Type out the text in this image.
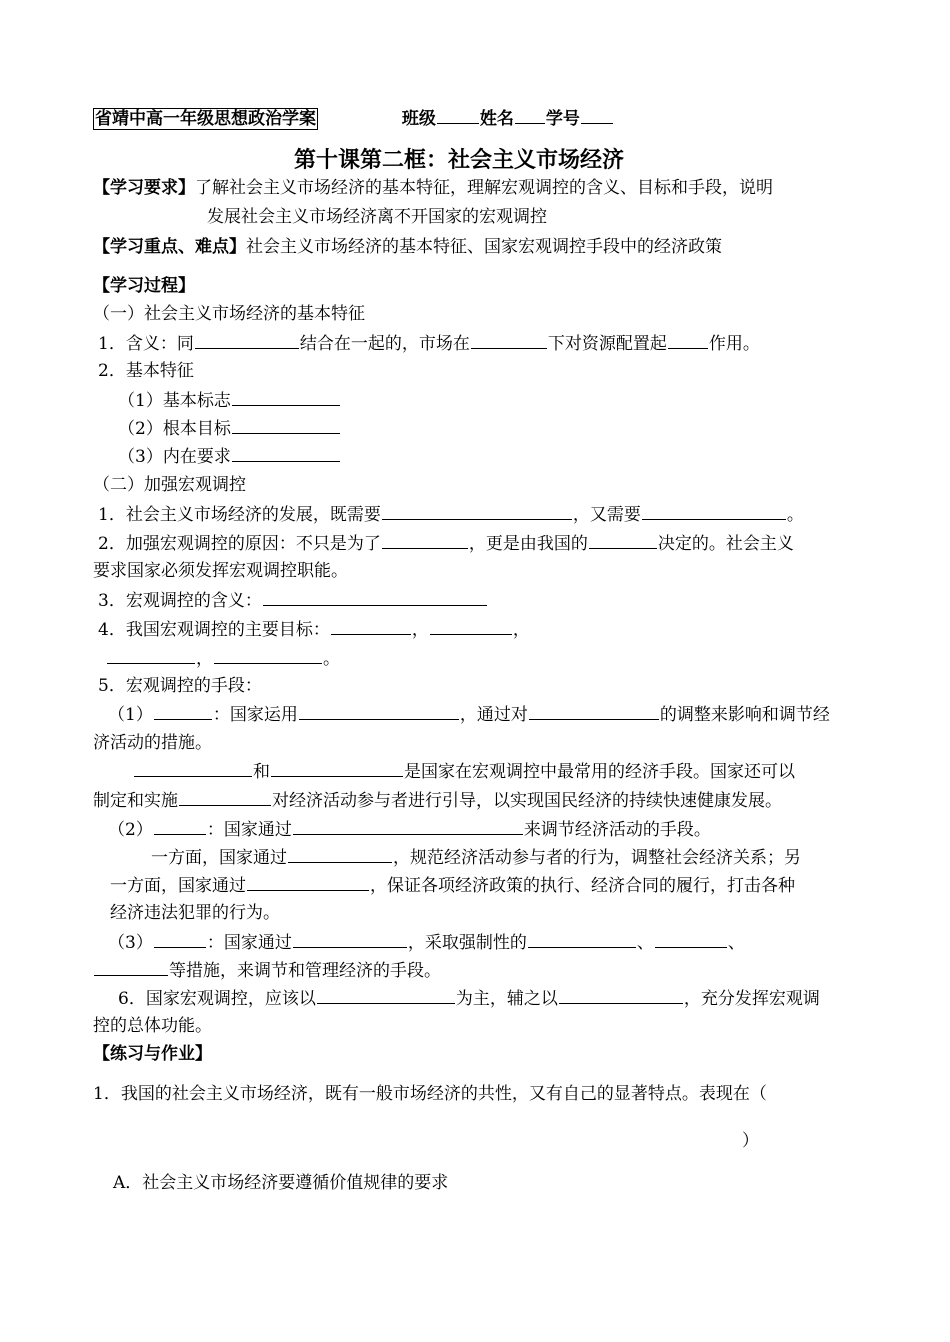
省靖中高一年级思想政治学案	班级	姓名 学号
第十课第二框：社会主义市场经济
【学习要求】了解社会主义市场经济的基本特征，理解宏观调控的含义、目标和手段，说明
发展社会主义市场经济离不开国家的宏观调控
【学习重点、难点】社会主义市场经济的基本特征、国家宏观调控手段中的经济政策
【学习过程】
（一）社会主义市场经济的基本特征
1．含义：同	结合在一起的，市场在	下对资源配置起 作用。
2．基本特征
（1）基本标志
（2）根本目标
（3）内在要求
（二）加强宏观调控
1．社会主义市场经济的发展，既需要	，又需要	。
2．加强宏观调控的原因：不只是为了	，更是由我国的	决定的。社会主义
要求国家必须发挥宏观调控职能。
3．宏观调控的含义：
4．我国宏观调控的主要目标：	，	，
，	。
5．宏观调控的手段：
（1）	：国家运用	，通过对	的调整来影响和调节经
济活动的措施。
和	是国家在宏观调控中最常用的经济手段。国家还可以
制定和实施	对经济活动参与者进行引导，以实现国民经济的持续快速健康发展。
（2）	：国家通过	来调节经济活动的手段。
一方面，国家通过	，规范经济活动参与者的行为，调整社会经济关系；另
一方面，国家通过	，保证各项经济政策的执行、经济合同的履行，打击各种
经济违法犯罪的行为。
（3）	：国家通过	，采取强制性的	、	、
等措施，来调节和管理经济的手段。
6．国家宏观调控，应该以	为主，辅之以	，充分发挥宏观调
控的总体功能。
【练习与作业】
1．我国的社会主义市场经济，既有一般市场经济的共性，又有自己的显著特点。表现在（
）
A．社会主义市场经济要遵循价值规律的要求
